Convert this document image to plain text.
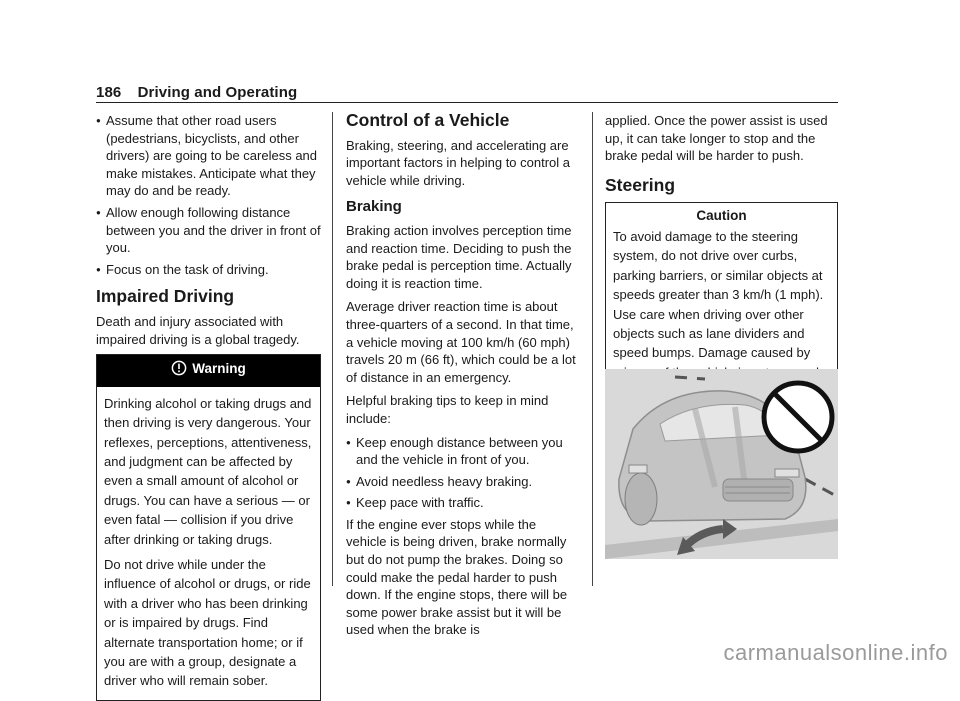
186 Driving and Operating
● Assume that other road users (pedestrians, bicyclists, and other drivers) are going to be careless and make mistakes. Anticipate what they may do and be ready.
● Allow enough following distance between you and the driver in front of you.
● Focus on the task of driving.
Impaired Driving

Death and injury associated with impaired driving is a global tragedy.

Warning

Drinking alcohol or taking drugs and then driving is very dangerous. Your reflexes, perceptions, attentiveness, and judgment can be affected by even a small amount of alcohol or drugs. You can have a serious — or even fatal — collision if you drive after drinking or taking drugs.

Do not drive while under the influence of alcohol or drugs, or ride with a driver who has been drinking or is impaired by drugs. Find alternate transportation home; or if you are with a group, designate a driver who will remain sober.

Control of a Vehicle

Braking, steering, and accelerating are important factors in helping to control a vehicle while driving.

Braking

Braking action involves perception time and reaction time. Deciding to push the brake pedal is perception time. Actually doing it is reaction time.

Average driver reaction time is about three-quarters of a second. In that time, a vehicle moving at 100 km/h (60 mph) travels 20 m (66 ft), which could be a lot of distance in an emergency.

Helpful braking tips to keep in mind include:

● Keep enough distance between you and the vehicle in front of you.
● Avoid needless heavy braking.
● Keep pace with traffic.

If the engine ever stops while the vehicle is being driven, brake normally but do not pump the brakes. Doing so could make the pedal harder to push down. If the engine stops, there will be some power brake assist but it will be used when the brake is

applied. Once the power assist is used up, it can take longer to stop and the brake pedal will be harder to push.

Steering
Caution
To avoid damage to the steering system, do not drive over curbs, parking barriers, or similar objects at speeds greater than 3 km/h (1 mph). Use care when driving over other objects such as lane dividers and speed bumps. Damage caused by
carmanualsonline.info
